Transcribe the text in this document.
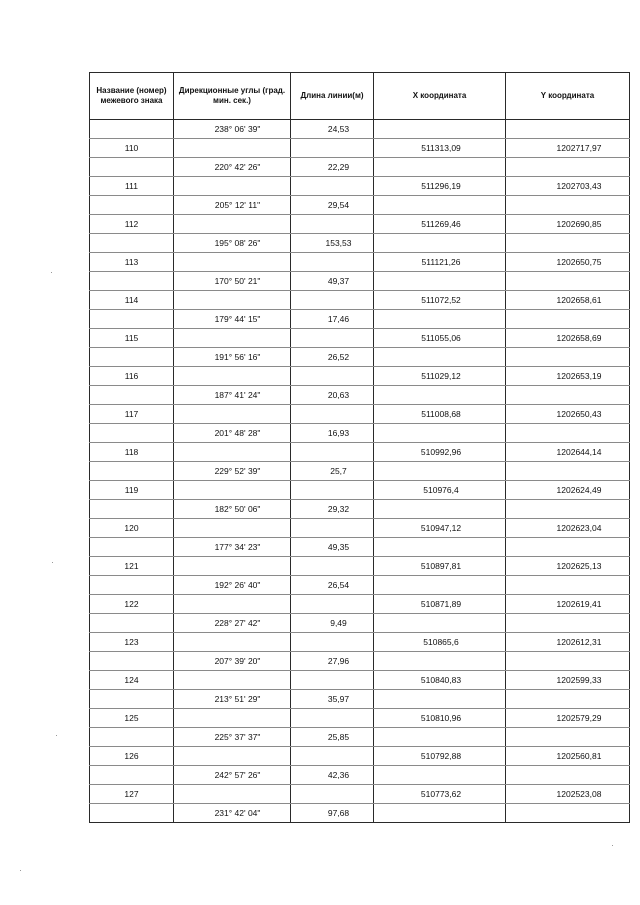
Название (номер) межевого знака	Дирекционные углы (град. мин. сек.)	Длина линии(м)	X координата	Y координата
	238° 06' 39"	24,53		
110			511313,09	1202717,97
	220° 42' 26"	22,29		
111			511296,19	1202703,43
	205° 12' 11"	29,54		
112			511269,46	1202690,85
	195° 08' 26"	153,53		
113			511121,26	1202650,75
	170° 50' 21"	49,37		
114			511072,52	1202658,61
	179° 44' 15"	17,46		
115			511055,06	1202658,69
	191° 56' 16"	26,52		
116			511029,12	1202653,19
	187° 41' 24"	20,63		
117			511008,68	1202650,43
	201° 48' 28"	16,93		
118			510992,96	1202644,14
	229° 52' 39"	25,7		
119			510976,4	1202624,49
	182° 50' 06"	29,32		
120			510947,12	1202623,04
	177° 34' 23"	49,35		
121			510897,81	1202625,13
	192° 26' 40"	26,54		
122			510871,89	1202619,41
	228° 27' 42"	9,49		
123			510865,6	1202612,31
	207° 39' 20"	27,96		
124			510840,83	1202599,33
	213° 51' 29"	35,97		
125			510810,96	1202579,29
	225° 37' 37"	25,85		
126			510792,88	1202560,81
	242° 57' 26"	42,36		
127			510773,62	1202523,08
	231° 42' 04"	97,68		
